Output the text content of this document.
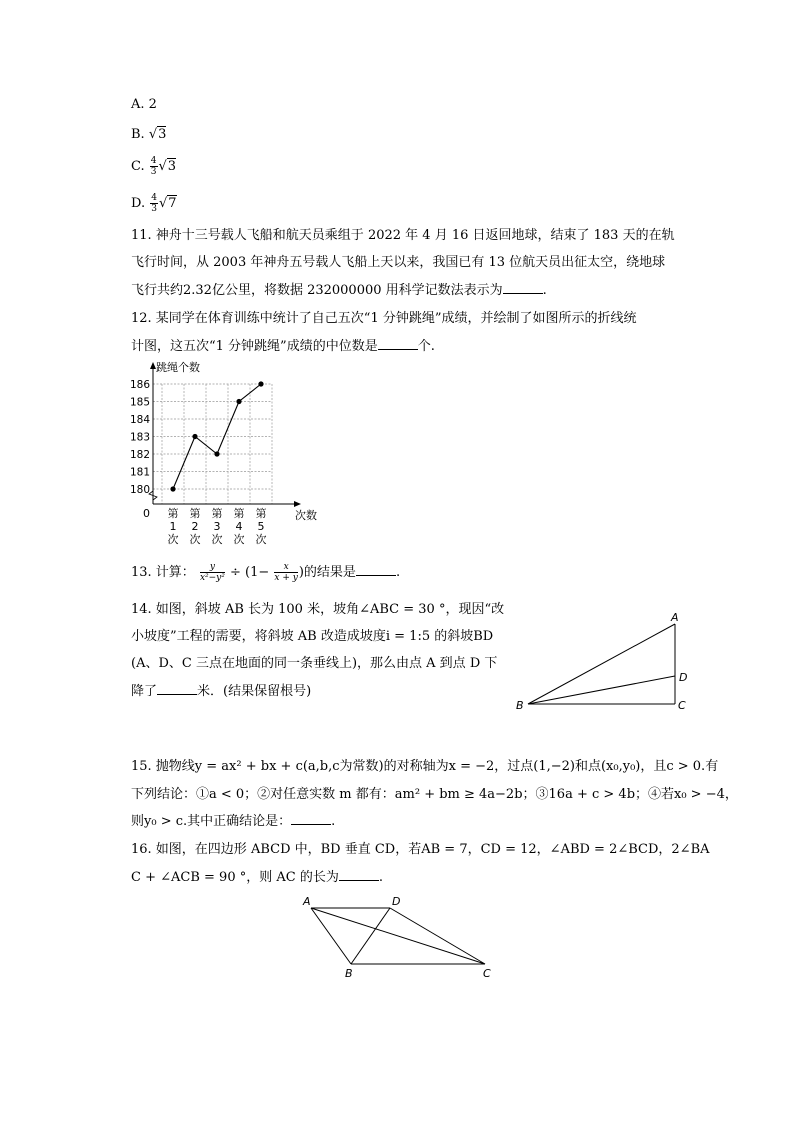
A. 2
B. √3
C. $\frac{4}{3} √3$
D. $\frac{4}{3} √7$
11. 神舟十三号载人飞船和航天员乘组于 2022 年 4 月 16 日返回地球，结束了 183 天的在轨
飞行时间，从 2003 年神舟五号载人飞船上天以来，我国已有 13 位航天员出征太空，绕地球
飞行共约2.32亿公里，将数据 232000000 用科学记数法表示为	.
12. 某同学在体育训练中统计了自己五次“1 分钟跳绳”成绩，并绘制了如图所示的折线统
计图，这五次“1 分钟跳绳”成绩的中位数是	个.
跳绳个数
次数
0
180
181
182
183
184
185
186
第
1
次
第
2
次
第
3
次
第
4
次
第
5
次
13. 计算： $\frac{y}{\text{x²−y²}} \div (1- \frac{x}{x + y}$ )的结果是	.
14. 如图，斜坡 AB 长为 100 米，坡角∠ABC = 30 °，现因“改
小坡度”工程的需要，将斜坡 AB 改造成坡度i = 1:5 的斜坡BD
(A、D、C 三点在地面的同一条垂线上)，那么由点 A 到点 D 下
降了	米．(结果保留根号)
A
B	C
D
15. 抛物线y = ax² + bx + c(a,b,c为常数)的对称轴为x = −2，过点(1,−2)和点(x₀,y₀)，且c > 0.有
下列结论：①a < 0；②对任意实数 m 都有：am² + bm ≥ 4a−2b；③16a + c > 4b；④若x₀ > −4，
则y₀ > c.其中正确结论是：	.
16. 如图，在四边形 ABCD 中，BD 垂直 CD，若AB = 7，CD = 12，∠ABD = 2∠BCD，2∠BA
C + ∠ACB = 90 °，则 AC 的长为	.
A	D
B	C
